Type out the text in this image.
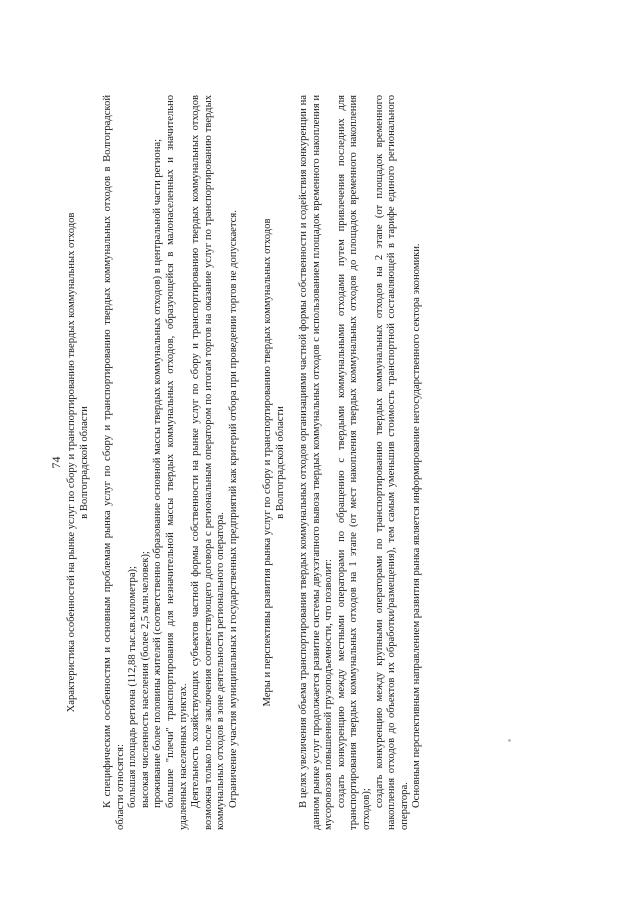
74 Характеристика особенностей на рынке услуг по сбору и транспортированию твердых коммунальных отходов в Волгоградской области К специфическим особенностям и основным проблемам рынка услуг по сбору и транспортированию твердых коммунальных отходов в Волгоградской области относятся: большая площадь региона (112,88 тыс.кв.километра); высокая численность населения (более 2,5 млн.человек); проживание более половины жителей (соответственно образование основной массы твердых коммунальных отходов) в центральной части региона; большие "плечи" транспортирования для незначительной массы твердых коммунальных отходов, образующейся в малонаселенных и значительно удаленных населенных пунктах. Деятельность хозяйствующих субъектов частной формы собственности на рынке услуг по сбору и транспортированию твердых коммунальных отходов возможна только после заключения соответствующего договора с региональным оператором по итогам торгов на оказание услуг по транспортированию твердых коммунальных отходов в зоне деятельности регионального оператора. Ограничение участия муниципальных и государственных предприятий как критерий отбора при проведении торгов не допускается. Меры и перспективы развития рынка услуг по сбору и транспортированию твердых коммунальных отходов в Волгоградской области В целях увеличения объема транспортирования твердых коммунальных отходов организациями частной формы собственности и содействия конкуренции на данном рынке услуг продолжается развитие системы двухэтапного вывоза твердых коммунальных отходов с использованием площадок временного накопления и мусоровозов повышенной грузоподъемности, что позволит: создать конкуренцию между местными операторами по обращению с твердыми коммунальными отходами путем привлечения последних для транспортирования твердых коммунальных отходов на 1 этапе (от мест накопления твердых коммунальных отходов до площадок временного накопления отходов);

создать конкуренцию между крупными операторами по транспортированию твердых коммунальных отходов на 2 этапе (от площадок временного накопления отходов до объектов их обработки/размещения), тем самым уменьшив стоимость транспортной составляющей в тарифе единого регионального оператора. Основным перспективным направлением развития рынка является информирование негосударственного сектора экономики.
